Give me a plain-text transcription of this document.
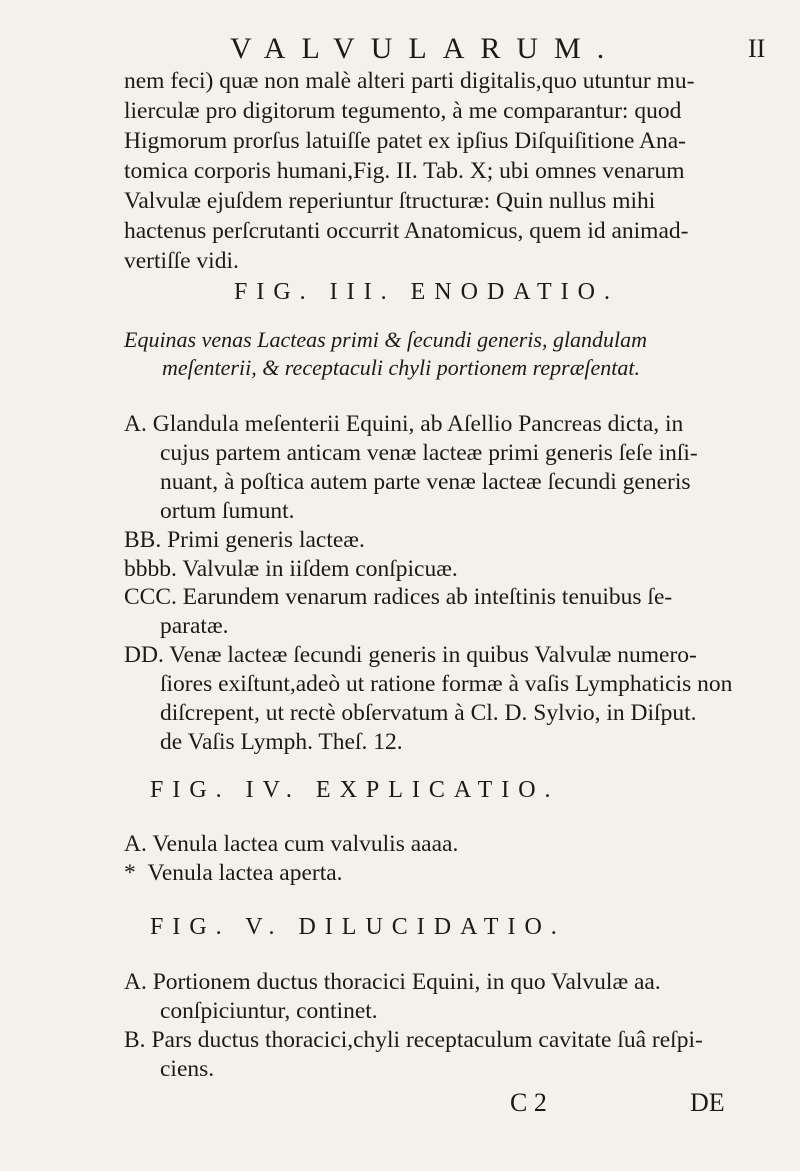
VALVULARUM.	II
nem feci) quæ non malè alteri parti digitalis,quo utuntur mu-
lierculæ pro digitorum tegumento, à me comparantur: quod
Higmorum prorſus latuiſſe patet ex ipſius Diſquiſitione Ana-
tomica corporis humani,Fig. II. Tab. X; ubi omnes venarum
Valvulæ ejuſdem reperiuntur ſtructuræ: Quin nullus mihi
hactenus perſcrutanti occurrit Anatomicus, quem id animad-
vertiſſe vidi.
FIG. III. ENODATIO.
Equinas venas Lacteas primi & ſecundi generis, glandulam
meſenterii, & receptaculi chyli portionem repræſentat.
A. Glandula meſenterii Equini, ab Aſellio Pancreas dicta, in
cujus partem anticam venæ lacteæ primi generis ſeſe inſi-
nuant, à poſtica autem parte venæ lacteæ ſecundi generis
ortum ſumunt.
BB. Primi generis lacteæ.
bbbb. Valvulæ in iiſdem conſpicuæ.
CCC. Earundem venarum radices ab inteſtinis tenuibus ſe-
paratæ.
DD. Venæ lacteæ ſecundi generis in quibus Valvulæ numero-
ſiores exiſtunt,adeò ut ratione formæ à vaſis Lymphaticis non
diſcrepent, ut rectè obſervatum à Cl. D. Sylvio, in Diſput.
de Vaſis Lymph. Theſ. 12.
FIG. IV. EXPLICATIO.
A. Venula lactea cum valvulis aaaa.
* Venula lactea aperta.
FIG. V. DILUCIDATIO.
A. Portionem ductus thoracici Equini, in quo Valvulæ aa.
conſpiciuntur, continet.
B. Pars ductus thoracici,chyli receptaculum cavitate ſuâ reſpi-
ciens.
C 2	DE
